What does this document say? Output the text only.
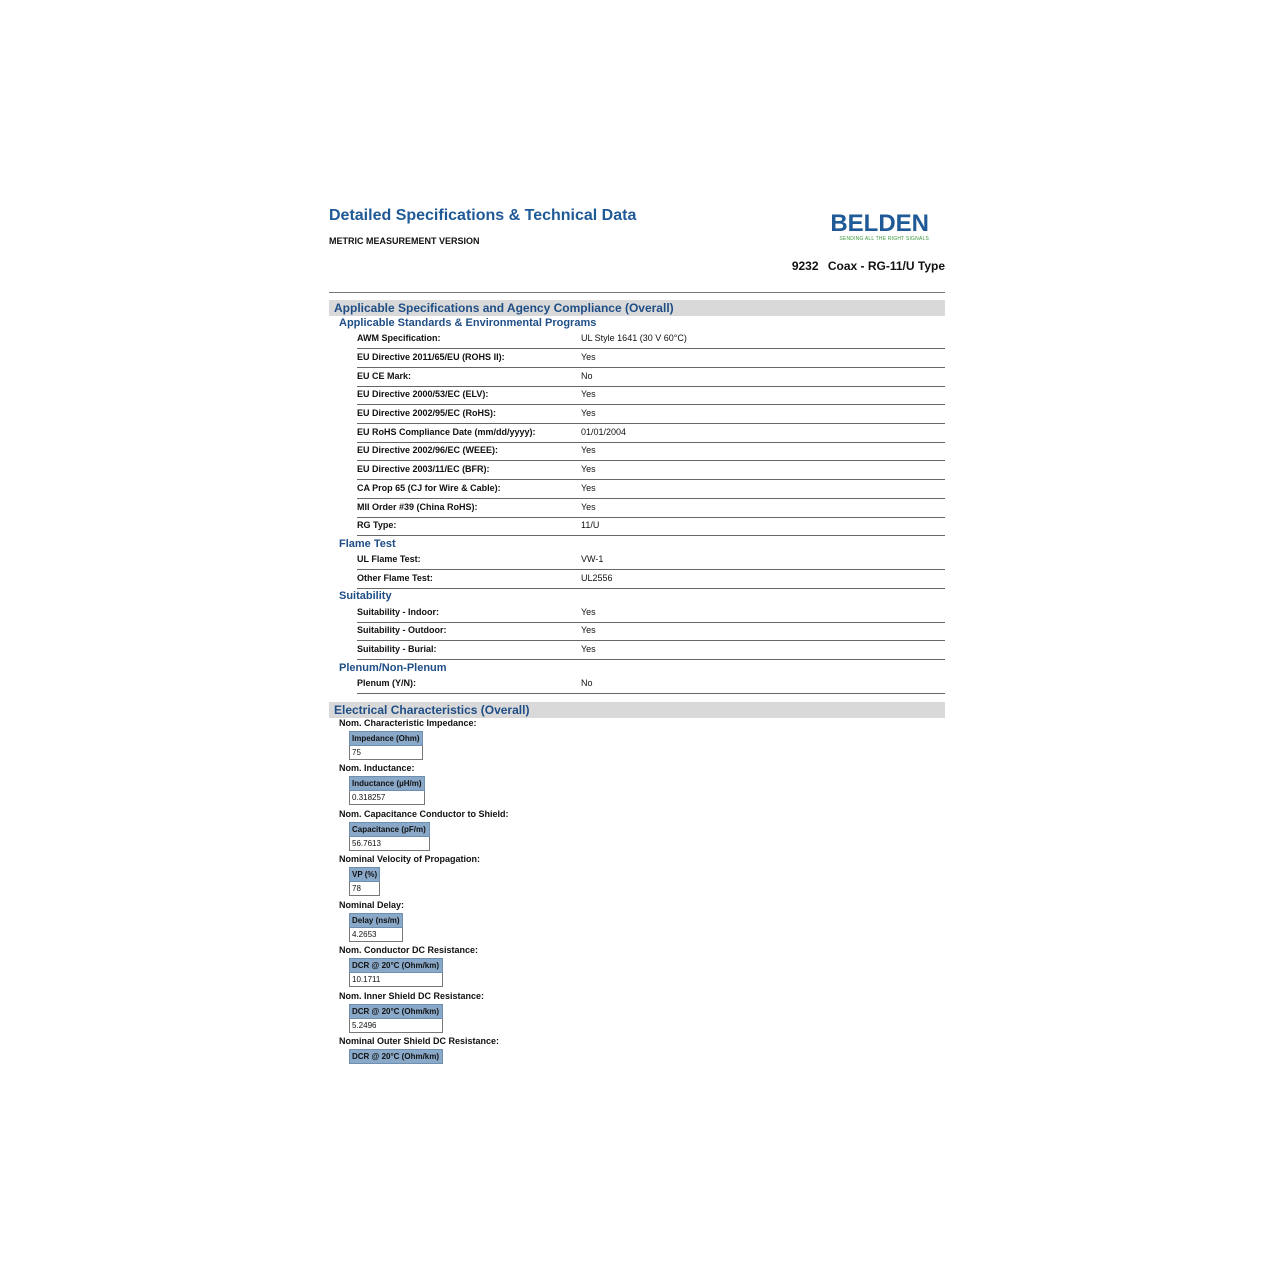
Detailed Specifications & Technical Data
METRIC MEASUREMENT VERSION
BELDEN
SENDING ALL THE RIGHT SIGNALS
9232 Coax - RG-11/U Type
Applicable Specifications and Agency Compliance (Overall)
Applicable Standards & Environmental Programs
AWM Specification:	UL Style 1641 (30 V 60°C)
EU Directive 2011/65/EU (ROHS II):	Yes
EU CE Mark:	No
EU Directive 2000/53/EC (ELV):	Yes
EU Directive 2002/95/EC (RoHS):	Yes
EU RoHS Compliance Date (mm/dd/yyyy):	01/01/2004
EU Directive 2002/96/EC (WEEE):	Yes
EU Directive 2003/11/EC (BFR):	Yes
CA Prop 65 (CJ for Wire & Cable):	Yes
MII Order #39 (China RoHS):	Yes
RG Type:	11/U
Flame Test
UL Flame Test:	VW-1
Other Flame Test:	UL2556
Suitability
Suitability - Indoor:	Yes
Suitability - Outdoor:	Yes
Suitability - Burial:	Yes
Plenum/Non-Plenum
Plenum (Y/N):	No
Electrical Characteristics (Overall)
Nom. Characteristic Impedance:
Impedance (Ohm)
75
Nom. Inductance:
Inductance (µH/m)
0.318257
Nom. Capacitance Conductor to Shield:
Capacitance (pF/m)
56.7613
Nominal Velocity of Propagation:
VP (%)
78
Nominal Delay:
Delay (ns/m)
4.2653
Nom. Conductor DC Resistance:
DCR @ 20°C (Ohm/km)
10.1711
Nom. Inner Shield DC Resistance:
DCR @ 20°C (Ohm/km)
5.2496
Nominal Outer Shield DC Resistance:
DCR @ 20°C (Ohm/km)
